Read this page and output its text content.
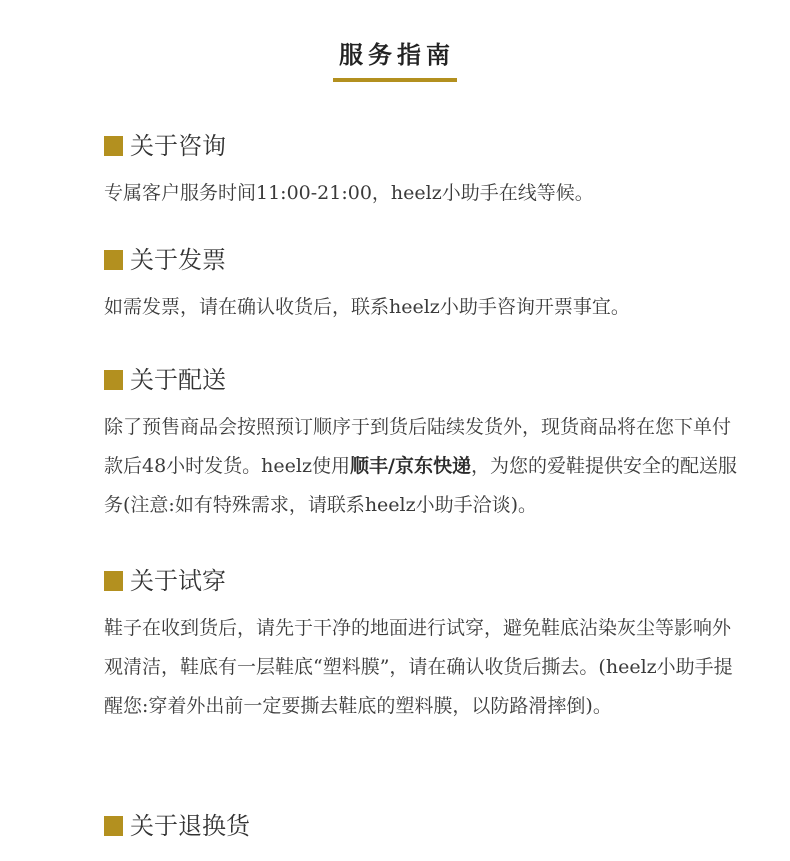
服务指南
关于咨询
专属客户服务时间11:00-21:00，heelz小助手在线等候。
关于发票
如需发票，请在确认收货后，联系heelz小助手咨询开票事宜。
关于配送
除了预售商品会按照预订顺序于到货后陆续发货外，现货商品将在您下单付款后48小时发货。heelz使用顺丰/京东快递，为您的爱鞋提供安全的配送服务(注意:如有特殊需求，请联系heelz小助手洽谈)。
关于试穿
鞋子在收到货后，请先于干净的地面进行试穿，避免鞋底沾染灰尘等影响外观清洁，鞋底有一层鞋底“塑料膜”，请在确认收货后撕去。(heelz小助手提醒您:穿着外出前一定要撕去鞋底的塑料膜，以防路滑摔倒)。
关于退换货
